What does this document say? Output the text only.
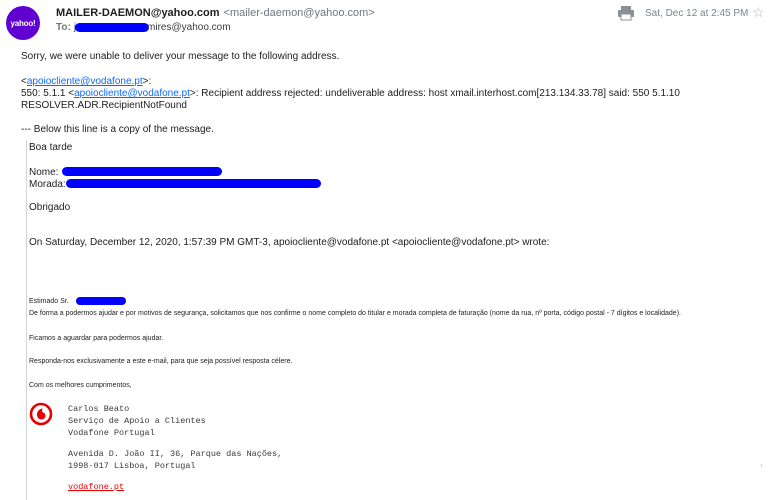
yahoo!
MAILER-DAEMON@yahoo.com <mailer-daemon@yahoo.com>
To:	mires@yahoo.com
Sat, Dec 12 at 2:45 PM ☆
Sorry, we were unable to deliver your message to the following address.
<apoiocliente@vodafone.pt>:
550: 5.1.1 <apoiocliente@vodafone.pt>: Recipient address rejected: undeliverable address: host xmail.interhost.com[213.134.33.78] said: 550 5.1.10
RESOLVER.ADR.RecipientNotFound
--- Below this line is a copy of the message.
Boa tarde
Nome:
Morada:
Obrigado
On Saturday, December 12, 2020, 1:57:39 PM GMT-3, apoiocliente@vodafone.pt <apoiocliente@vodafone.pt> wrote:
Estimado Sr.
De forma a podermos ajudar e por motivos de segurança, solicitamos que nos confirme o nome completo do titular e morada completa de faturação (nome da rua, nº porta, código postal - 7 dígitos e localidade).
Ficamos a aguardar para podermos ajudar.
Responda-nos exclusivamente a este e-mail, para que seja possível resposta célere.
Com os melhores cumprimentos,
Carlos Beato
Serviço de Apoio a Clientes
Vodafone Portugal
Avenida D. João II, 36, Parque das Nações,
1998-017 Lisboa, Portugal
vodafone.pt
‹
